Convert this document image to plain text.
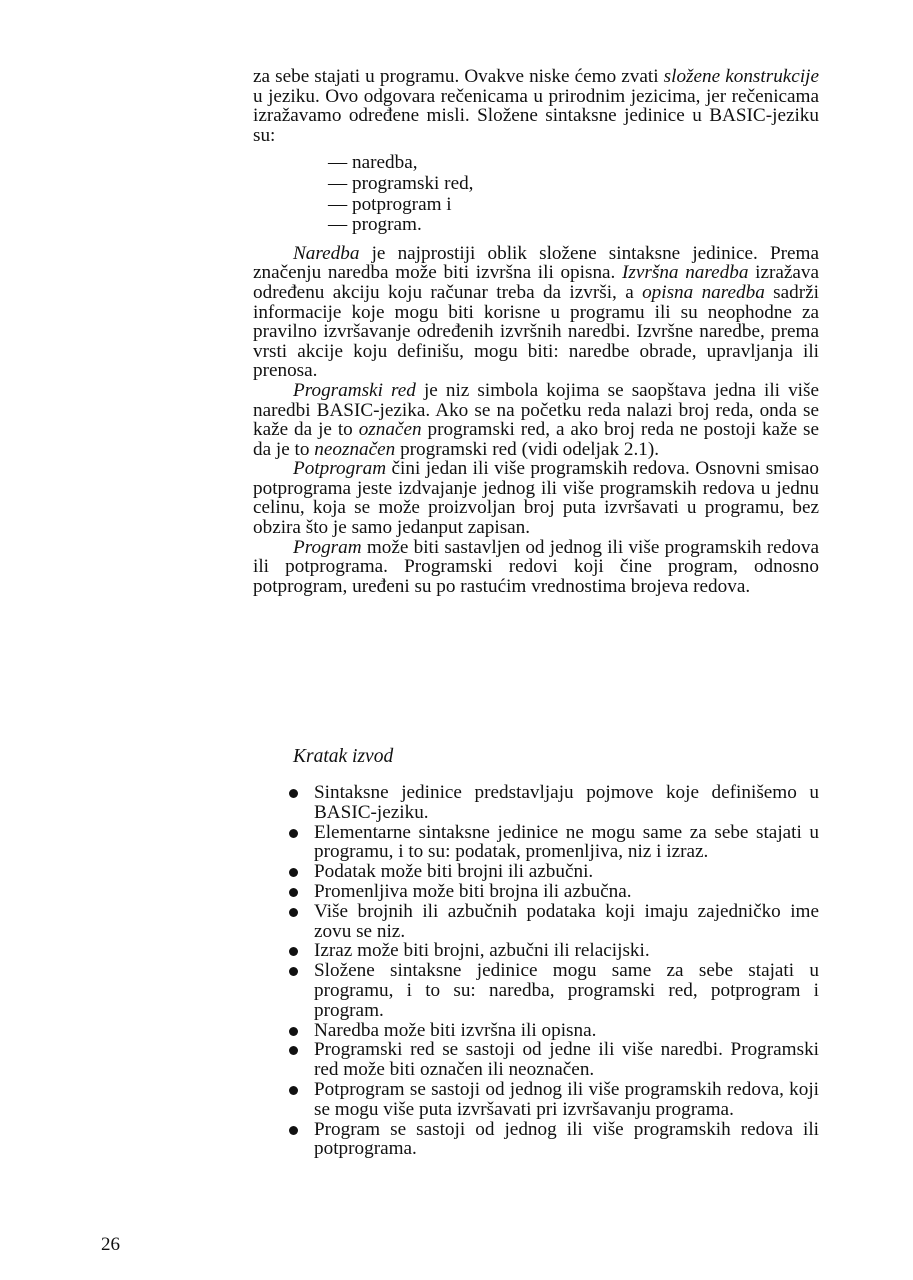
za sebe stajati u programu. Ovakve niske ćemo zvati složene konstrukcije u jeziku. Ovo odgovara rečenicama u prirodnim jezicima, jer rečenicama izražavamo određene misli. Složene sintaksne jedinice u BASIC-jeziku su:

— naredba,
— programski red,
— potprogram i
— program.

Naredba je najprostiji oblik složene sintaksne jedinice. Prema značenju naredba može biti izvršna ili opisna. Izvršna naredba izražava određenu akciju koju računar treba da izvrši, a opisna naredba sadrži informacije koje mogu biti korisne u programu ili su neophodne za pravilno izvršavanje određenih izvršnih naredbi. Izvršne naredbe, prema vrsti akcije koju definišu, mogu biti: naredbe obrade, upravljanja ili prenosa.

Programski red je niz simbola kojima se saopštava jedna ili više naredbi BASIC-jezika. Ako se na početku reda nalazi broj reda, onda se kaže da je to označen programski red, a ako broj reda ne postoji kaže se da je to neoznačen programski red (vidi odeljak 2.1).

Potprogram čini jedan ili više programskih redova. Osnovni smisao potprograma jeste izdvajanje jednog ili više programskih redova u jednu celinu, koja se može proizvoljan broj puta izvršavati u programu, bez obzira što je samo jedanput zapisan.

Program može biti sastavljen od jednog ili više programskih redova ili potprograma. Programski redovi koji čine program, odnosno potprogram, uređeni su po rastućim vrednostima brojeva redova.

Kratak izvod
Sintaksne jedinice predstavljaju pojmove koje definišemo u BASIC-jeziku.
Elementarne sintaksne jedinice ne mogu same za sebe stajati u programu, i to su: podatak, promenljiva, niz i izraz.
Podatak može biti brojni ili azbučni.
Promenljiva može biti brojna ili azbučna.
Više brojnih ili azbučnih podataka koji imaju zajedničko ime zovu se niz.
Izraz može biti brojni, azbučni ili relacijski.
Složene sintaksne jedinice mogu same za sebe stajati u programu, i to su: naredba, programski red, potprogram i program.
Naredba može biti izvršna ili opisna.
Programski red se sastoji od jedne ili više naredbi. Programski red može biti označen ili neoznačen.
Potprogram se sastoji od jednog ili više programskih redova, koji se mogu više puta izvršavati pri izvršavanju programa.
Program se sastoji od jednog ili više programskih redova ili potprograma.
26
